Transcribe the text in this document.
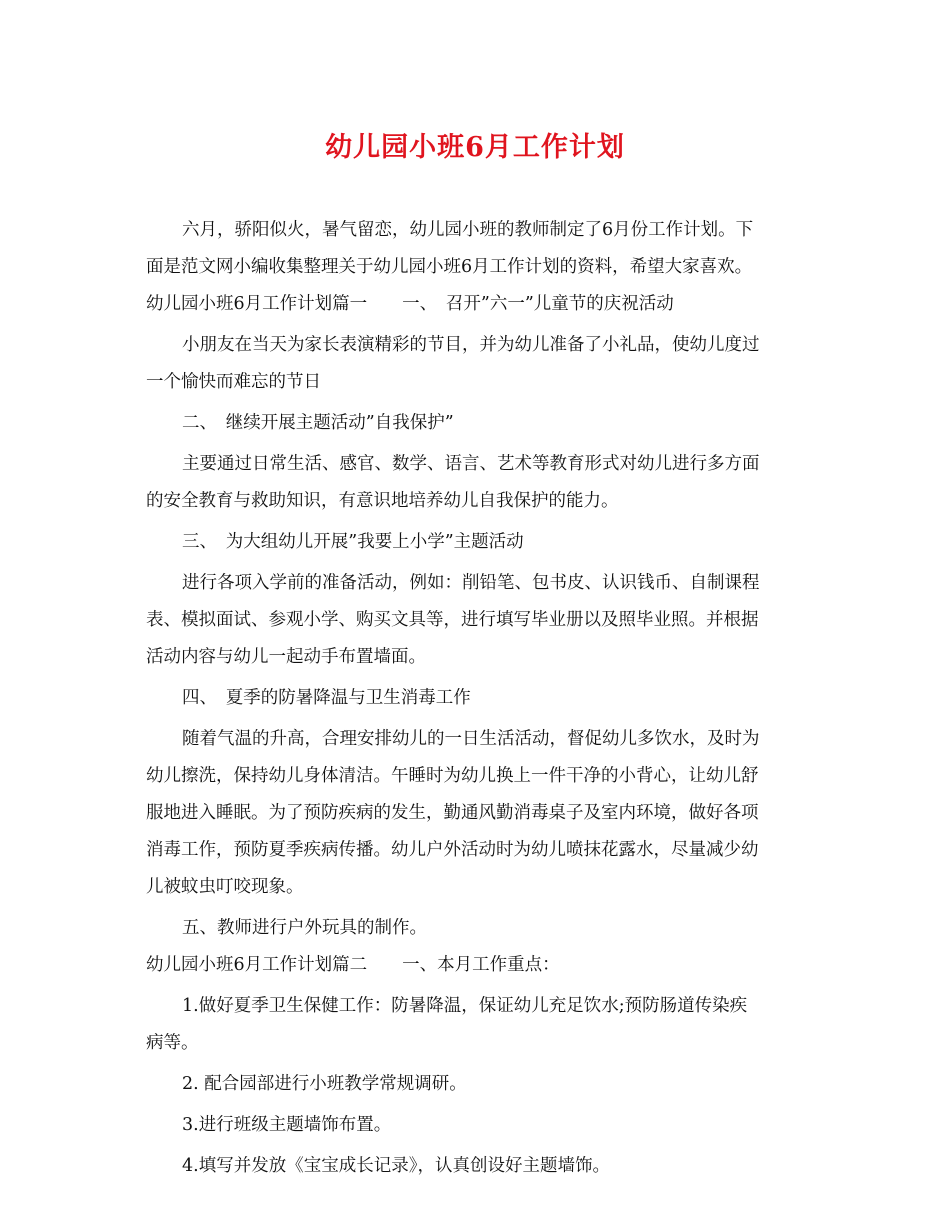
幼儿园小班6月工作计划
六月，骄阳似火，暑气留恋，幼儿园小班的教师制定了6月份工作计划。下
面是范文网小编收集整理关于幼儿园小班6月工作计划的资料，希望大家喜欢。
幼儿园小班6月工作计划篇一　　一、　召开”六一”儿童节的庆祝活动
小朋友在当天为家长表演精彩的节目，并为幼儿准备了小礼品，使幼儿度过
一个愉快而难忘的节日
二、　继续开展主题活动”自我保护”
主要通过日常生活、感官、数学、语言、艺术等教育形式对幼儿进行多方面
的安全教育与救助知识，有意识地培养幼儿自我保护的能力。
三、　为大组幼儿开展”我要上小学”主题活动
进行各项入学前的准备活动，例如：削铅笔、包书皮、认识钱币、自制课程
表、模拟面试、参观小学、购买文具等，进行填写毕业册以及照毕业照。并根据
活动内容与幼儿一起动手布置墙面。
四、　夏季的防暑降温与卫生消毒工作
随着气温的升高，合理安排幼儿的一日生活活动，督促幼儿多饮水，及时为
幼儿擦洗，保持幼儿身体清洁。午睡时为幼儿换上一件干净的小背心，让幼儿舒
服地进入睡眠。为了预防疾病的发生，勤通风勤消毒桌子及室内环境，做好各项
消毒工作，预防夏季疾病传播。幼儿户外活动时为幼儿喷抹花露水，尽量减少幼
儿被蚊虫叮咬现象。
五、教师进行户外玩具的制作。
幼儿园小班6月工作计划篇二　　一、本月工作重点：
1.做好夏季卫生保健工作：防暑降温，保证幼儿充足饮水;预防肠道传染疾
病等。
2. 配合园部进行小班教学常规调研。
3.进行班级主题墙饰布置。
4.填写并发放《宝宝成长记录》，认真创设好主题墙饰。
